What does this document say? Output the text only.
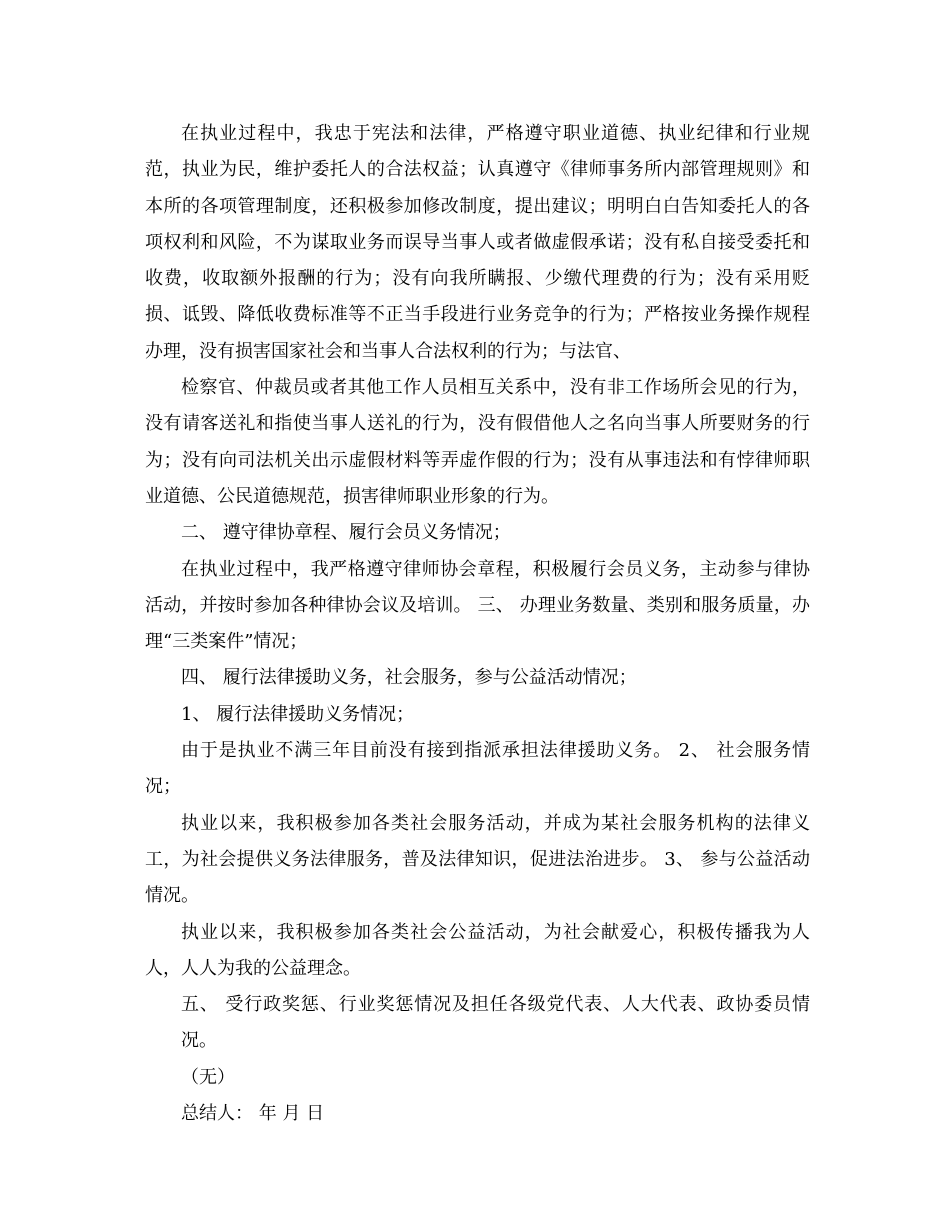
在执业过程中，我忠于宪法和法律，严格遵守职业道德、执业纪律和行业规范，执业为民，维护委托人的合法权益；认真遵守《律师事务所内部管理规则》和本所的各项管理制度，还积极参加修改制度，提出建议；明明白白告知委托人的各项权利和风险，不为谋取业务而误导当事人或者做虚假承诺；没有私自接受委托和收费，收取额外报酬的行为；没有向我所瞒报、少缴代理费的行为；没有采用贬损、诋毁、降低收费标准等不正当手段进行业务竞争的行为；严格按业务操作规程办理，没有损害国家社会和当事人合法权利的行为；与法官、

检察官、仲裁员或者其他工作人员相互关系中，没有非工作场所会见的行为，没有请客送礼和指使当事人送礼的行为，没有假借他人之名向当事人所要财务的行为；没有向司法机关出示虚假材料等弄虚作假的行为；没有从事违法和有悖律师职业道德、公民道德规范，损害律师职业形象的行为。

二、 遵守律协章程、履行会员义务情况；

在执业过程中，我严格遵守律师协会章程，积极履行会员义务，主动参与律协活动，并按时参加各种律协会议及培训。 三、 办理业务数量、类别和服务质量，办理“三类案件”情况；

四、 履行法律援助义务，社会服务，参与公益活动情况；

1、 履行法律援助义务情况；

由于是执业不满三年目前没有接到指派承担法律援助义务。 2、 社会服务情况；

执业以来，我积极参加各类社会服务活动，并成为某社会服务机构的法律义工，为社会提供义务法律服务，普及法律知识，促进法治进步。 3、 参与公益活动情况。

执业以来，我积极参加各类社会公益活动，为社会献爱心，积极传播我为人人，人人为我的公益理念。

五、 受行政奖惩、行业奖惩情况及担任各级党代表、人大代表、政协委员情况。

（无）

总结人： 年 月 日
